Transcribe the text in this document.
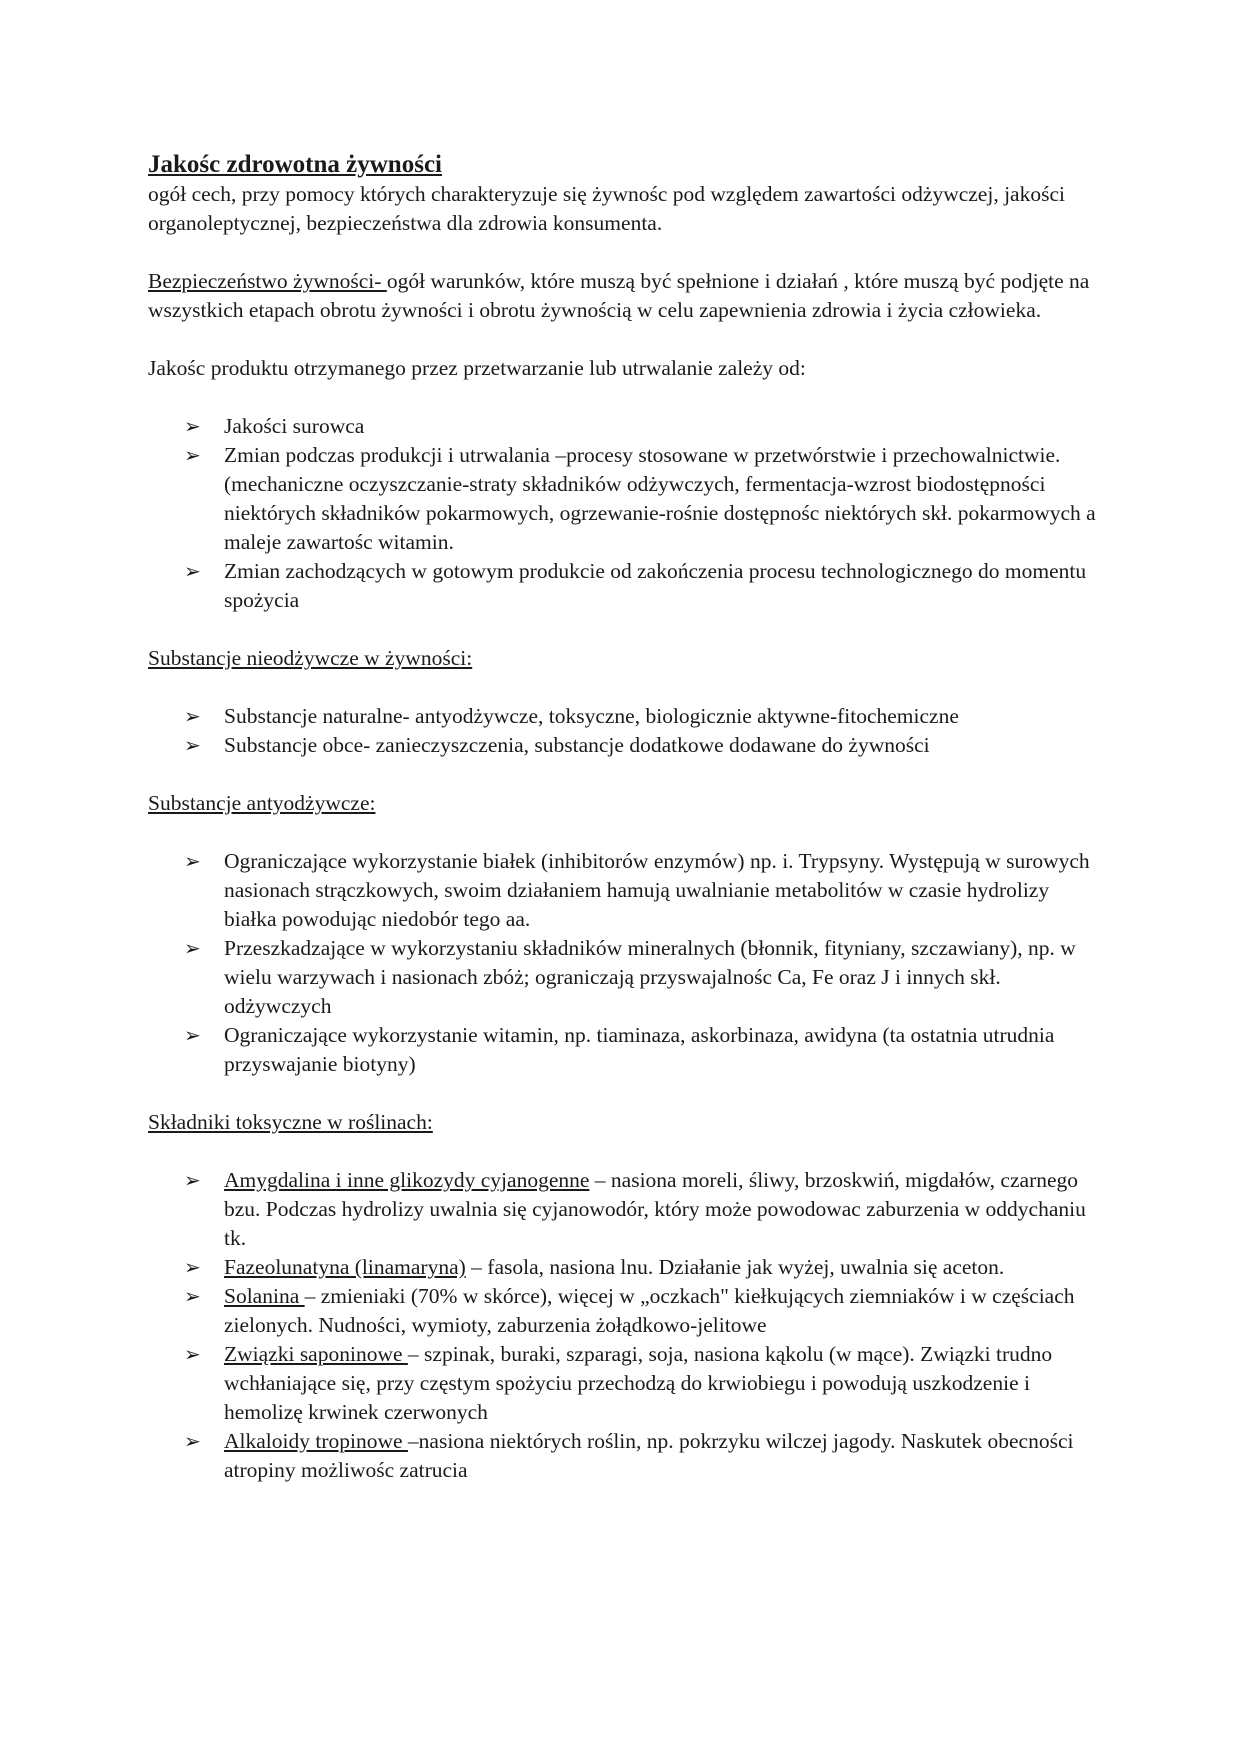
Jakośc zdrowotna żywności

ogół cech, przy pomocy których charakteryzuje się żywnośc pod względem zawartości odżywczej, jakości organoleptycznej, bezpieczeństwa dla zdrowia konsumenta.

Bezpieczeństwo żywności- ogół warunków, które muszą być spełnione i działań , które muszą być podjęte na wszystkich etapach obrotu żywności i obrotu żywnością w celu zapewnienia zdrowia i życia człowieka.

Jakośc produktu otrzymanego przez przetwarzanie lub utrwalanie zależy od:

➢ Jakości surowca
➢ Zmian podczas produkcji i utrwalania –procesy stosowane w przetwórstwie i przechowalnictwie. (mechaniczne oczyszczanie-straty składników odżywczych, fermentacja-wzrost biodostępności niektórych składników pokarmowych, ogrzewanie-rośnie dostępnośc niektórych skł. pokarmowych a maleje zawartośc witamin.
➢ Zmian zachodzących w gotowym produkcie od zakończenia procesu technologicznego do momentu spożycia

Substancje nieodżywcze w żywności:

➢ Substancje naturalne- antyodżywcze, toksyczne, biologicznie aktywne-fitochemiczne
➢ Substancje obce- zanieczyszczenia, substancje dodatkowe dodawane do żywności

Substancje antyodżywcze:

➢ Ograniczające wykorzystanie białek (inhibitorów enzymów) np. i. Trypsyny. Występują w surowych nasionach strączkowych, swoim działaniem hamują uwalnianie metabolitów w czasie hydrolizy białka powodując niedobór tego aa.
➢ Przeszkadzające w wykorzystaniu składników mineralnych (błonnik, fityniany, szczawiany), np. w wielu warzywach i nasionach zbóż; ograniczają przyswajalnośc Ca, Fe oraz J i innych skł. odżywczych
➢ Ograniczające wykorzystanie witamin, np. tiaminaza, askorbinaza, awidyna (ta ostatnia utrudnia przyswajanie biotyny)

Składniki toksyczne w roślinach:

➢ Amygdalina i inne glikozydy cyjanogenne – nasiona moreli, śliwy, brzoskwiń, migdałów, czarnego bzu. Podczas hydrolizy uwalnia się cyjanowodór, który może powodowac zaburzenia w oddychaniu tk.
➢ Fazeolunatyna (linamaryna) – fasola, nasiona lnu. Działanie jak wyżej, uwalnia się aceton.
➢ Solanina – zmieniaki (70% w skórce), więcej w „oczkach" kiełkujących ziemniaków i w częściach zielonych. Nudności, wymioty, zaburzenia żołądkowo-jelitowe
➢ Związki saponinowe – szpinak, buraki, szparagi, soja, nasiona kąkolu (w mące). Związki trudno wchłaniające się, przy częstym spożyciu przechodzą do krwiobiegu i powodują uszkodzenie i hemolizę krwinek czerwonych
➢ Alkaloidy tropinowe –nasiona niektórych roślin, np. pokrzyku wilczej jagody. Naskutek obecności atropiny możliwośc zatrucia
